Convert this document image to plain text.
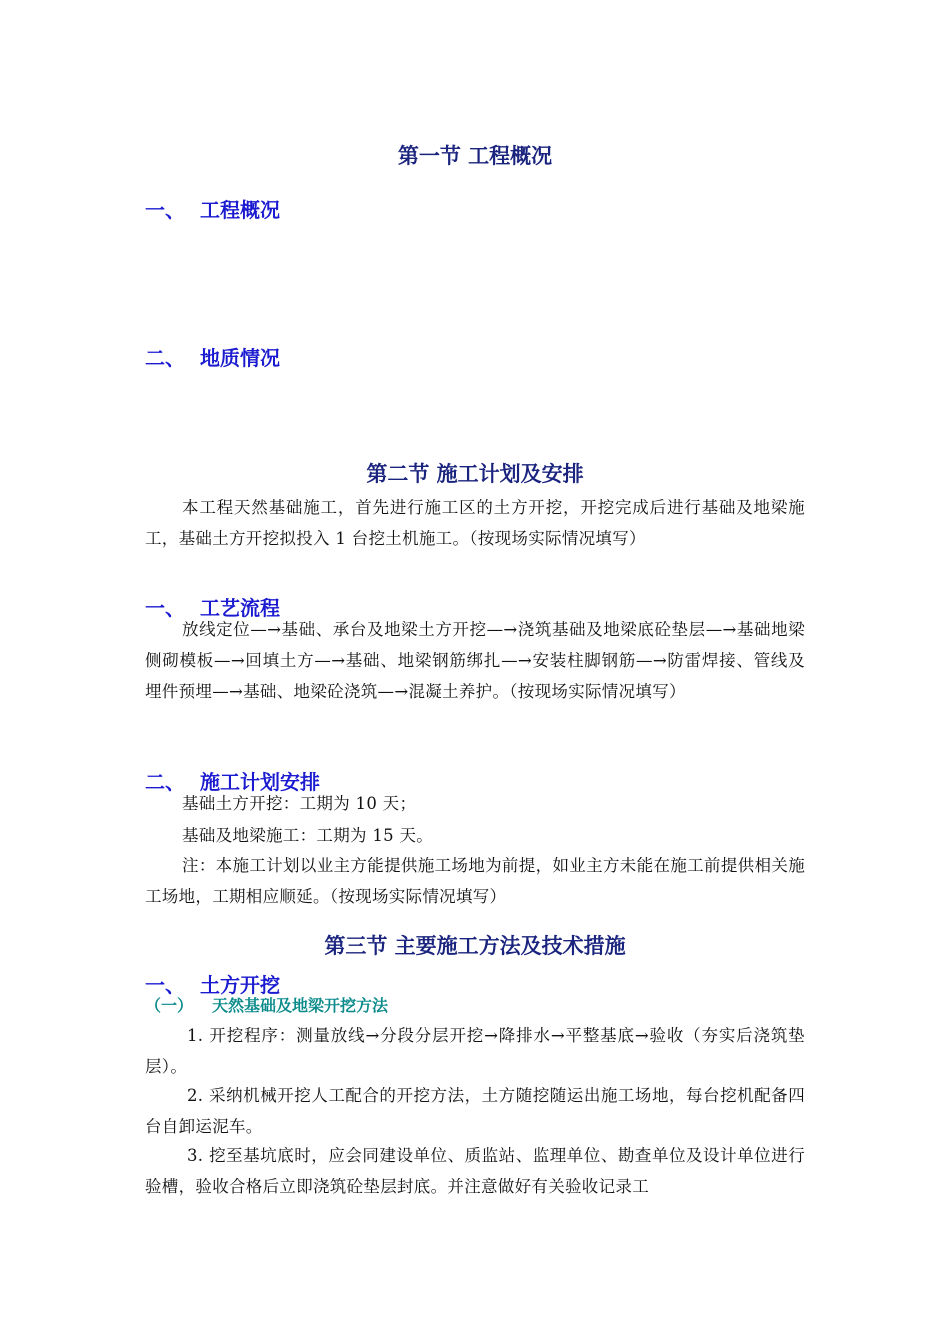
第一节 工程概况
一、 工程概况
二、 地质情况
第二节 施工计划及安排
本工程天然基础施工，首先进行施工区的土方开挖，开挖完成后进行基础及地梁施工，基础土方开挖拟投入 1 台挖土机施工。（按现场实际情况填写）
一、 工艺流程
放线定位—→基础、承台及地梁土方开挖—→浇筑基础及地梁底砼垫层—→基础地梁侧砌模板—→回填土方—→基础、地梁钢筋绑扎—→安装柱脚钢筋—→防雷焊接、管线及埋件预埋—→基础、地梁砼浇筑—→混凝土养护。（按现场实际情况填写）
二、 施工计划安排
基础土方开挖：工期为 10 天；
基础及地梁施工：工期为 15 天。
注：本施工计划以业主方能提供施工场地为前提，如业主方未能在施工前提供相关施工场地，工期相应顺延。（按现场实际情况填写）
第三节 主要施工方法及技术措施
一、 土方开挖
（一） 天然基础及地梁开挖方法
1. 开挖程序：测量放线→分段分层开挖→降排水→平整基底→验收（夯实后浇筑垫层）。
2. 采纳机械开挖人工配合的开挖方法，土方随挖随运出施工场地，每台挖机配备四台自卸运泥车。
3. 挖至基坑底时，应会同建设单位、质监站、监理单位、勘查单位及设计单位进行验槽，验收合格后立即浇筑砼垫层封底。并注意做好有关验收记录工
